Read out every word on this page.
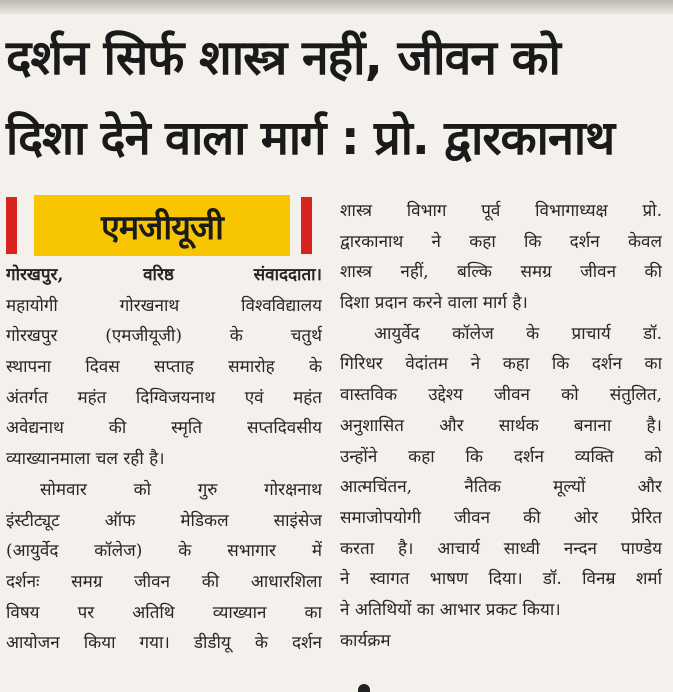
दर्शन सिर्फ शास्त्र नहीं, जीवन को
दिशा देने वाला मार्ग : प्रो. द्वारकानाथ
एमजीयूजी
गोरखपुर, वरिष्ठ संवाददाता।
महायोगी गोरखनाथ विश्वविद्यालय
गोरखपुर (एमजीयूजी) के चतुर्थ
स्थापना दिवस सप्ताह समारोह के
अंतर्गत महंत दिग्विजयनाथ एवं महंत
अवेद्यनाथ की स्मृति सप्तदिवसीय
व्याख्यानमाला चल रही है।
सोमवार को गुरु गोरक्षनाथ
इंस्टीट्यूट ऑफ मेडिकल साइंसेज
(आयुर्वेद कॉलेज) के सभागार में
दर्शनः समग्र जीवन की आधारशिला
विषय पर अतिथि व्याख्यान का
आयोजन किया गया। डीडीयू के दर्शन
शास्त्र विभाग पूर्व विभागाध्यक्ष प्रो.
द्वारकानाथ ने कहा कि दर्शन केवल
शास्त्र नहीं, बल्कि समग्र जीवन की
दिशा प्रदान करने वाला मार्ग है।
आयुर्वेद कॉलेज के प्राचार्य डॉ.
गिरिधर वेदांतम ने कहा कि दर्शन का
वास्तविक उद्देश्य जीवन को संतुलित,
अनुशासित और सार्थक बनाना है।
उन्होंने कहा कि दर्शन व्यक्ति को
आत्मचिंतन, नैतिक मूल्यों और
समाजोपयोगी जीवन की ओर प्रेरित
करता है। आचार्य साध्वी नन्दन पाण्डेय
ने स्वागत भाषण दिया। डॉ. विनम्र शर्मा
ने अतिथियों का आभार प्रकट किया।
कार्यक्रम
